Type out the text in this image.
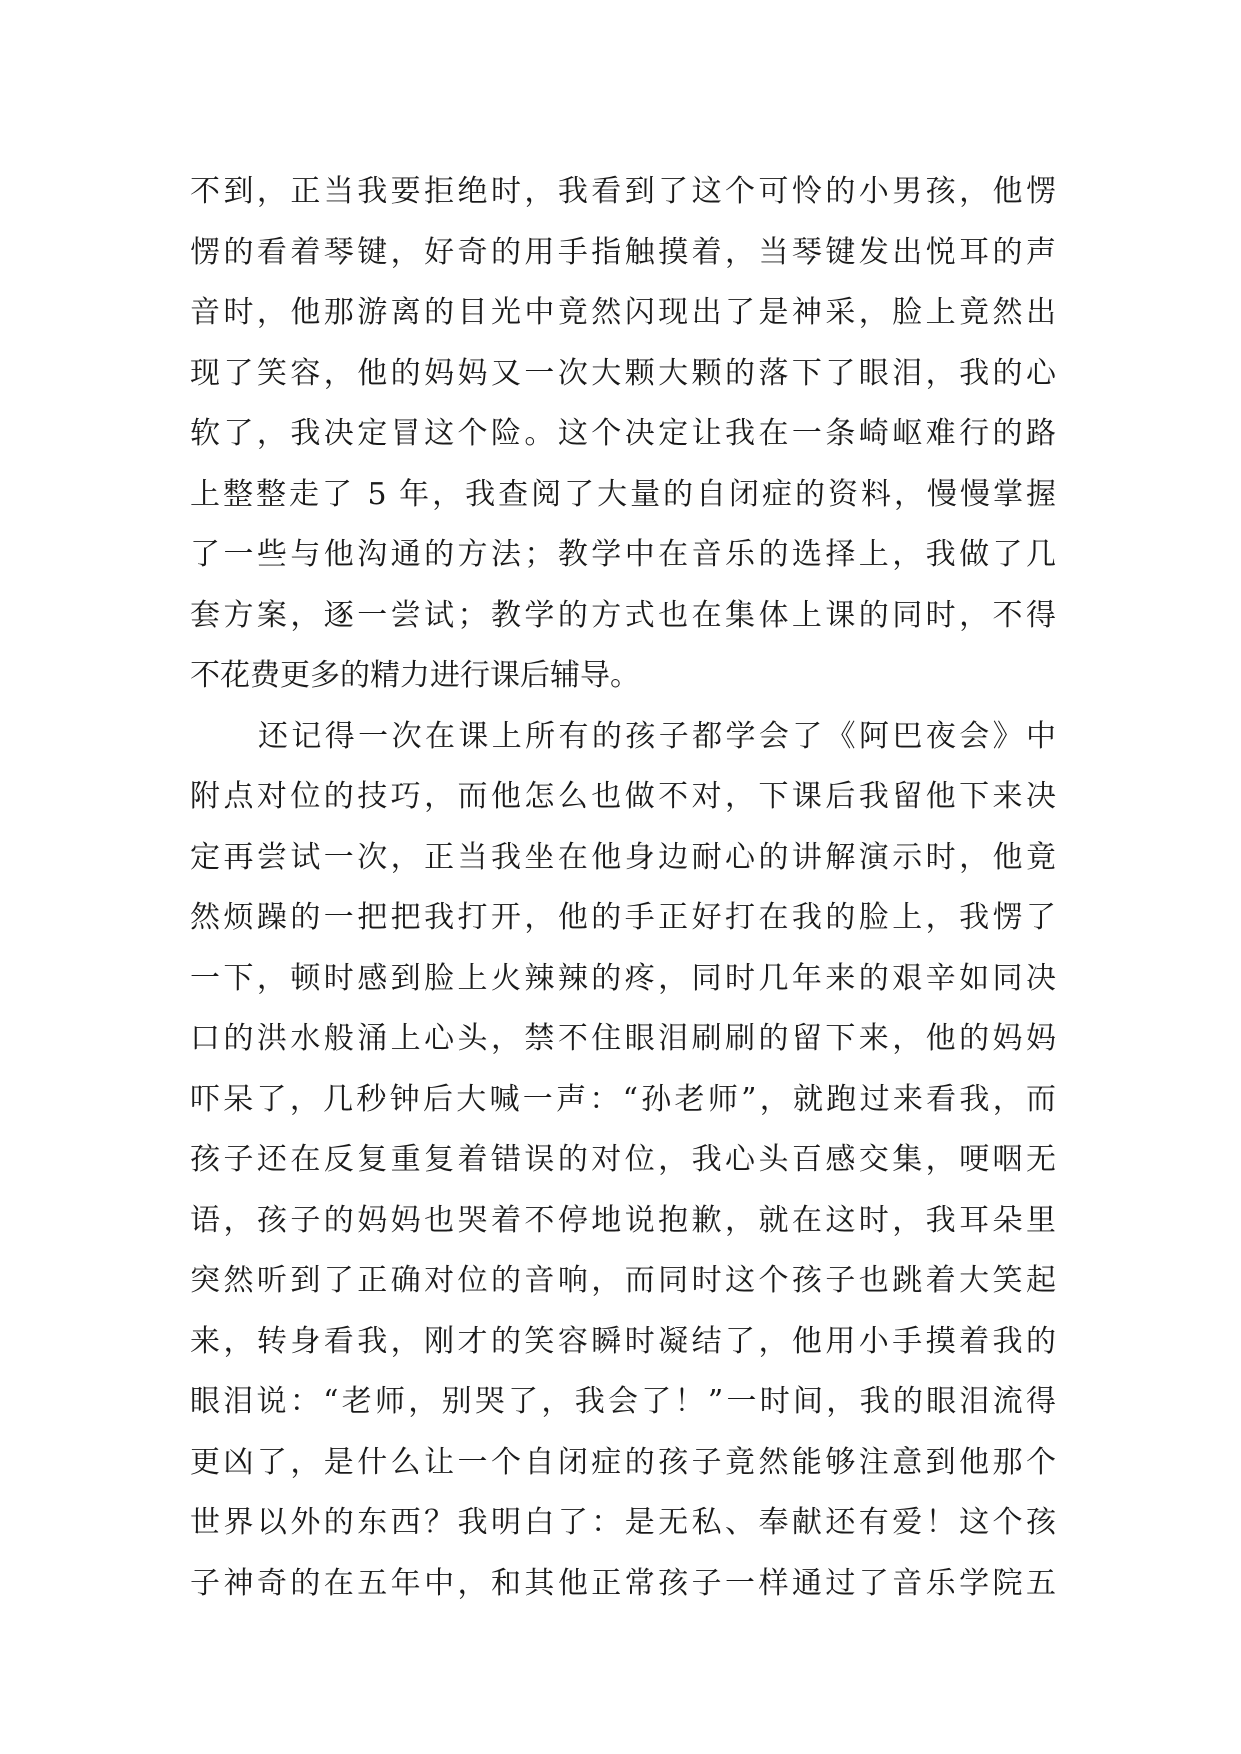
不到，正当我要拒绝时，我看到了这个可怜的小男孩，他愣
愣的看着琴键，好奇的用手指触摸着，当琴键发出悦耳的声
音时，他那游离的目光中竟然闪现出了是神采，脸上竟然出
现了笑容，他的妈妈又一次大颗大颗的落下了眼泪，我的心
软了，我决定冒这个险。这个决定让我在一条崎岖难行的路
上整整走了 5 年，我查阅了大量的自闭症的资料，慢慢掌握
了一些与他沟通的方法；教学中在音乐的选择上，我做了几
套方案，逐一尝试；教学的方式也在集体上课的同时，不得
不花费更多的精力进行课后辅导。
还记得一次在课上所有的孩子都学会了《阿巴夜会》中
附点对位的技巧，而他怎么也做不对，下课后我留他下来决
定再尝试一次，正当我坐在他身边耐心的讲解演示时，他竟
然烦躁的一把把我打开，他的手正好打在我的脸上，我愣了
一下，顿时感到脸上火辣辣的疼，同时几年来的艰辛如同决
口的洪水般涌上心头，禁不住眼泪刷刷的留下来，他的妈妈
吓呆了，几秒钟后大喊一声：“孙老师”，就跑过来看我，而
孩子还在反复重复着错误的对位，我心头百感交集，哽咽无
语，孩子的妈妈也哭着不停地说抱歉，就在这时，我耳朵里
突然听到了正确对位的音响，而同时这个孩子也跳着大笑起
来，转身看我，刚才的笑容瞬时凝结了，他用小手摸着我的
眼泪说：“老师，别哭了，我会了！”一时间，我的眼泪流得
更凶了，是什么让一个自闭症的孩子竟然能够注意到他那个
世界以外的东西？我明白了：是无私、奉献还有爱！这个孩
子神奇的在五年中，和其他正常孩子一样通过了音乐学院五
